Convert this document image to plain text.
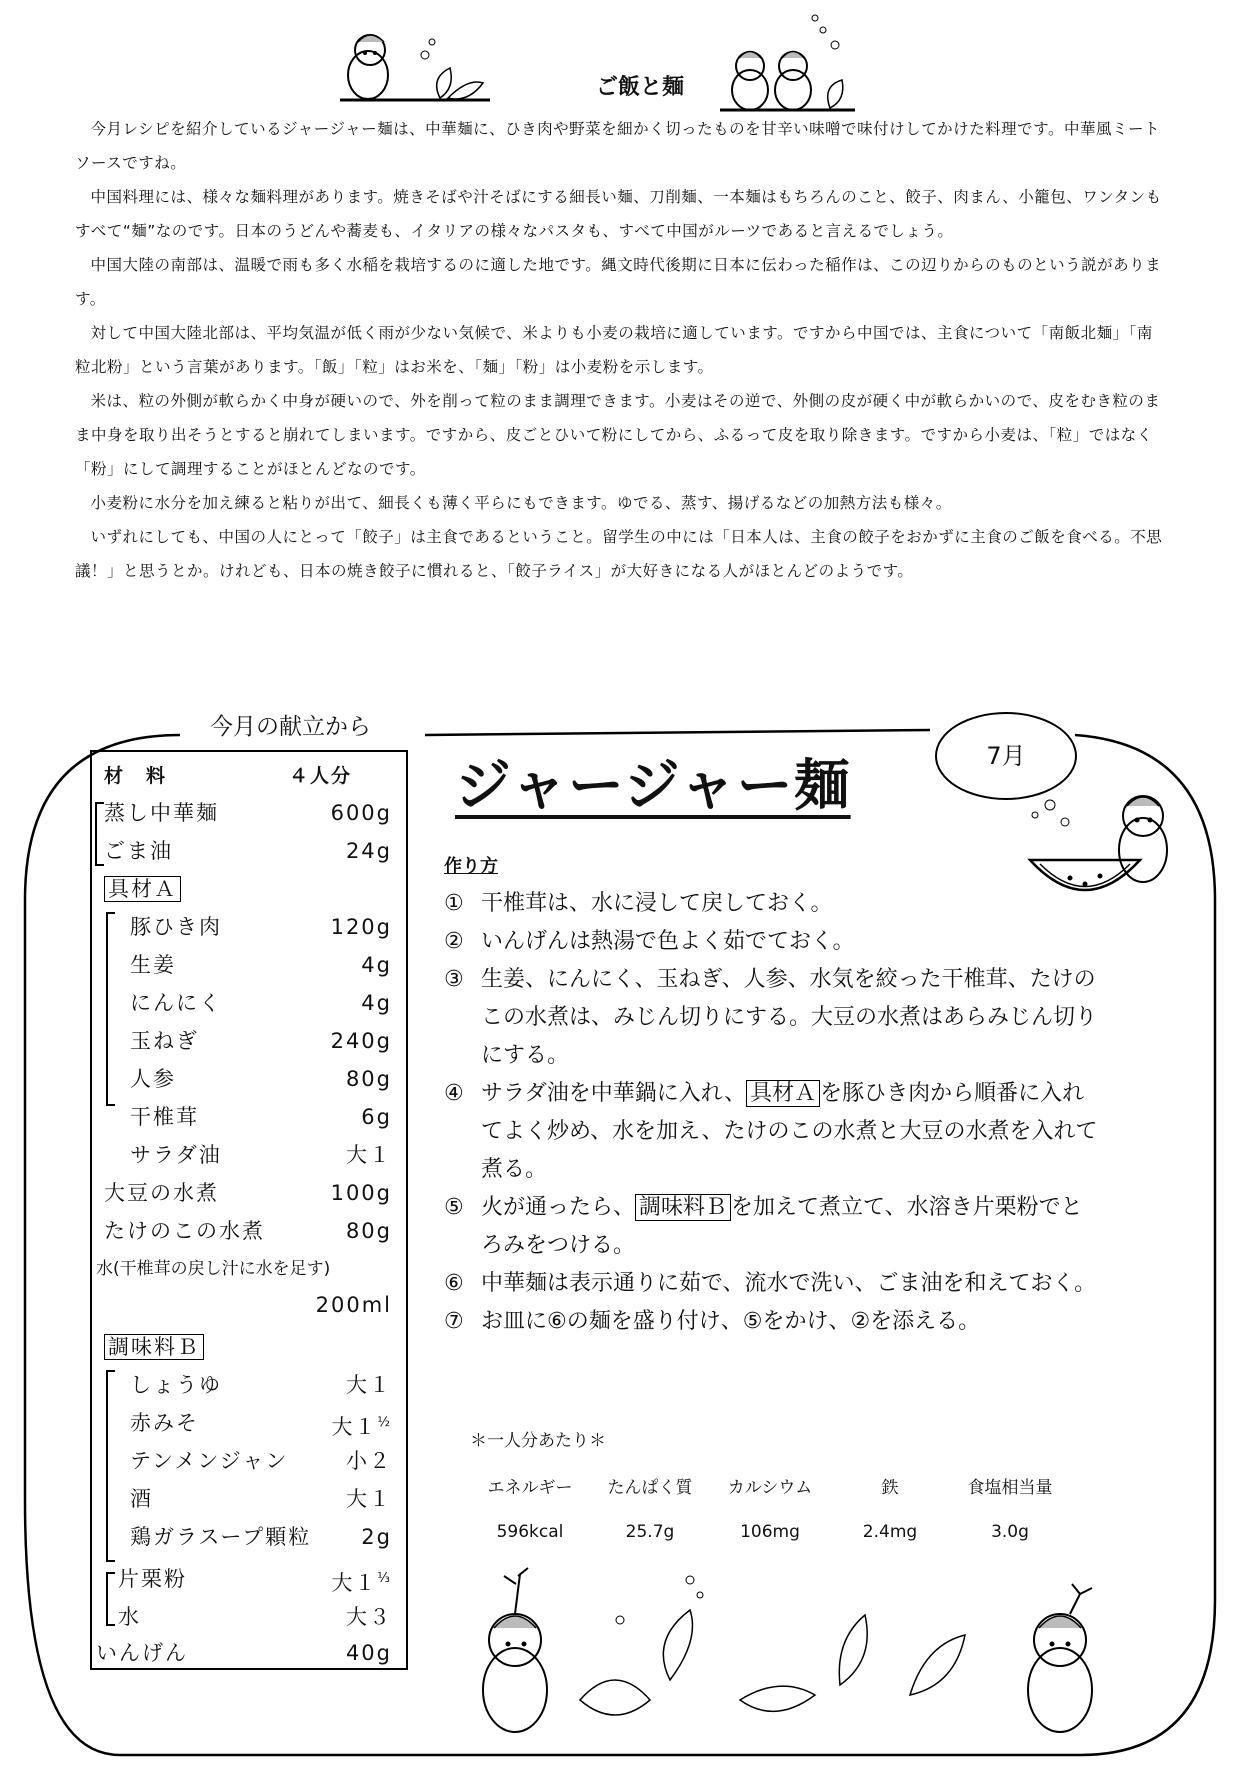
ご飯と麺

今月レシピを紹介しているジャージャー麺は、中華麺に、ひき肉や野菜を細かく切ったものを甘辛い味噌で味付けしてかけた料理です。中華風ミートソースですね。

中国料理には、様々な麺料理があります。焼きそばや汁そばにする細長い麺、刀削麺、一本麺はもちろんのこと、餃子、肉まん、小籠包、ワンタンもすべて“麺”なのです。日本のうどんや蕎麦も、イタリアの様々なパスタも、すべて中国がルーツであると言えるでしょう。

中国大陸の南部は、温暖で雨も多く水稲を栽培するのに適した地です。縄文時代後期に日本に伝わった稲作は、この辺りからのものという説があります。

対して中国大陸北部は、平均気温が低く雨が少ない気候で、米よりも小麦の栽培に適しています。ですから中国では、主食について「南飯北麺」「南粒北粉」という言葉があります。「飯」「粒」はお米を、「麺」「粉」は小麦粉を示します。

米は、粒の外側が軟らかく中身が硬いので、外を削って粒のまま調理できます。小麦はその逆で、外側の皮が硬く中が軟らかいので、皮をむき粒のまま中身を取り出そうとすると崩れてしまいます。ですから、皮ごとひいて粉にしてから、ふるって皮を取り除きます。ですから小麦は、「粒」ではなく「粉」にして調理することがほとんどなのです。

小麦粉に水分を加え練ると粘りが出て、細長くも薄く平らにもできます。ゆでる、蒸す、揚げるなどの加熱方法も様々。

いずれにしても、中国の人にとって「餃子」は主食であるということ。留学生の中には「日本人は、主食の餃子をおかずに主食のご飯を食べる。不思議！」と思うとか。けれども、日本の焼き餃子に慣れると、「餃子ライス」が大好きになる人がほとんどのようです。

今月の献立から
材　料	４人分
蒸し中華麺	600g
ごま油	24g
具材Ａ
豚ひき肉	120g
生姜	4g
にんにく	4g
玉ねぎ	240g
人参	80g
干椎茸	6g
サラダ油	大１
大豆の水煮	100g
たけのこの水煮	80g
水(干椎茸の戻し汁に水を足す)
200ml
調味料Ｂ
しょうゆ	大１
赤みそ	大$1^{\frac{1}{2}}$
テンメンジャン	小２
酒	大１
鶏ガラスープ顆粒 2g
片栗粉	大$1^{\frac{1}{3}}$
水	大３
いんげん	40g
ジャージャー麺	7月
作り方
① 干椎茸は、水に浸して戻しておく。
② いんげんは熱湯で色よく茹でておく。
③ 生姜、にんにく、玉ねぎ、人参、水気を絞った干椎茸、たけのこの水煮は、みじん切りにする。大豆の水煮はあらみじん切りにする。
④ サラダ油を中華鍋に入れ、 具材Ａ を豚ひき肉から順番に入れてよく炒め、水を加え、たけのこの水煮と大豆の水煮を入れて煮る。
⑤ 火が通ったら、 調味料Ｂ を加えて煮立て、水溶き片栗粉でとろみをつける。
⑥ 中華麺は表示通りに茹で、流水で洗い、ごま油を和えておく。
⑦ お皿に⑥の麺を盛り付け、⑤をかけ、②を添える。
＊一人分あたり＊
エネルギー	たんぱく質	カルシウム	鉄	食塩相当量
596kcal	25.7g	106mg	2.4mg	3.0g
